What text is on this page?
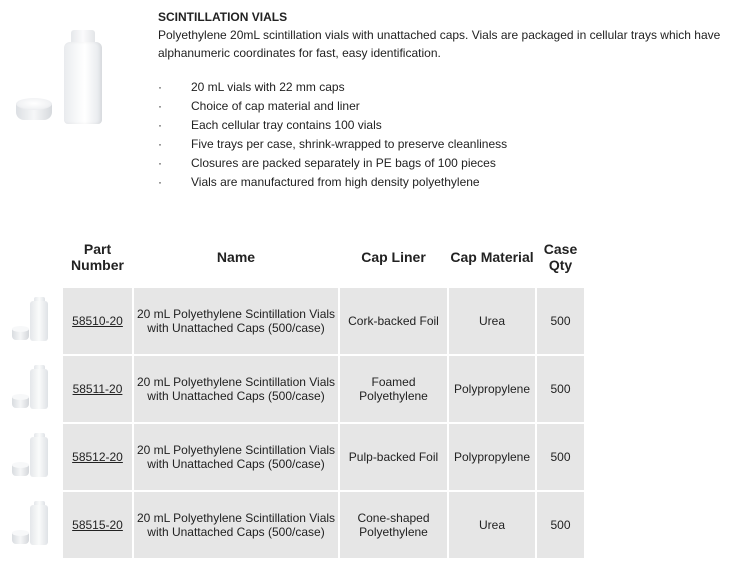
SCINTILLATION VIALS

Polyethylene 20mL scintillation vials with unattached caps. Vials are packaged in cellular trays which have alphanumeric coordinates for fast, easy identification.

· 20 mL vials with 22 mm caps
· Choice of cap material and liner
· Each cellular tray contains 100 vials
· Five trays per case, shrink-wrapped to preserve cleanliness
· Closures are packed separately in PE bags of 100 pieces
· Vials are manufactured from high density polyethylene
	Part Number	Name	Cap Liner	Cap Material	Case Qty

	58510-20	20 mL Polyethylene Scintillation Vials with Unattached Caps (500/case)	Cork-backed Foil	Urea	500

	58511-20	20 mL Polyethylene Scintillation Vials with Unattached Caps (500/case)	Foamed Polyethylene	Polypropylene	500

	58512-20	20 mL Polyethylene Scintillation Vials with Unattached Caps (500/case)	Pulp-backed Foil	Polypropylene	500

	58515-20	20 mL Polyethylene Scintillation Vials with Unattached Caps (500/case)	Cone-shaped Polyethylene	Urea	500
